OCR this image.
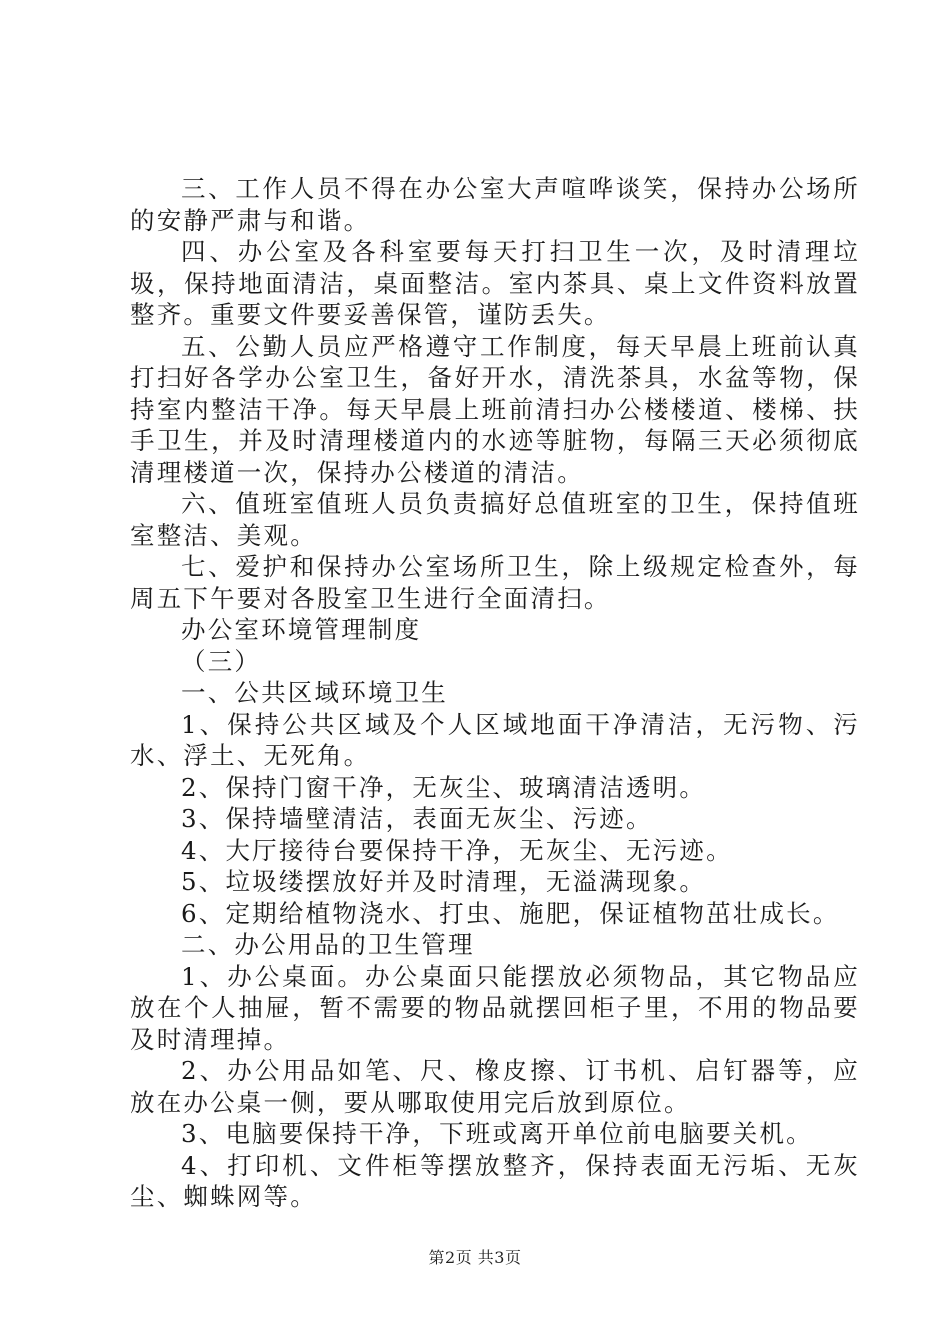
三、工作人员不得在办公室大声喧哗谈笑，保持办公场所的安静严肃与和谐。

四、办公室及各科室要每天打扫卫生一次，及时清理垃圾，保持地面清洁，桌面整洁。室内茶具、桌上文件资料放置整齐。重要文件要妥善保管，谨防丢失。

五、公勤人员应严格遵守工作制度，每天早晨上班前认真打扫好各学办公室卫生，备好开水，清洗茶具，水盆等物，保持室内整洁干净。每天早晨上班前清扫办公楼楼道、楼梯、扶手卫生，并及时清理楼道内的水迹等脏物，每隔三天必须彻底清理楼道一次，保持办公楼道的清洁。

六、值班室值班人员负责搞好总值班室的卫生，保持值班室整洁、美观。

七、爱护和保持办公室场所卫生，除上级规定检查外，每周五下午要对各股室卫生进行全面清扫。

办公室环境管理制度

（三）

一、公共区域环境卫生

1、保持公共区域及个人区域地面干净清洁，无污物、污水、浮土、无死角。

2、保持门窗干净，无灰尘、玻璃清洁透明。

3、保持墙壁清洁，表面无灰尘、污迹。

4、大厅接待台要保持干净，无灰尘、无污迹。

5、垃圾缕摆放好并及时清理，无溢满现象。

6、定期给植物浇水、打虫、施肥，保证植物茁壮成长。

二、办公用品的卫生管理

1、办公桌面。办公桌面只能摆放必须物品，其它物品应放在个人抽屉，暂不需要的物品就摆回柜子里，不用的物品要及时清理掉。

2、办公用品如笔、尺、橡皮擦、订书机、启钉器等，应放在办公桌一侧，要从哪取使用完后放到原位。

3、电脑要保持干净，下班或离开单位前电脑要关机。

4、打印机、文件柜等摆放整齐，保持表面无污垢、无灰尘、蜘蛛网等。

第2页 共3页
